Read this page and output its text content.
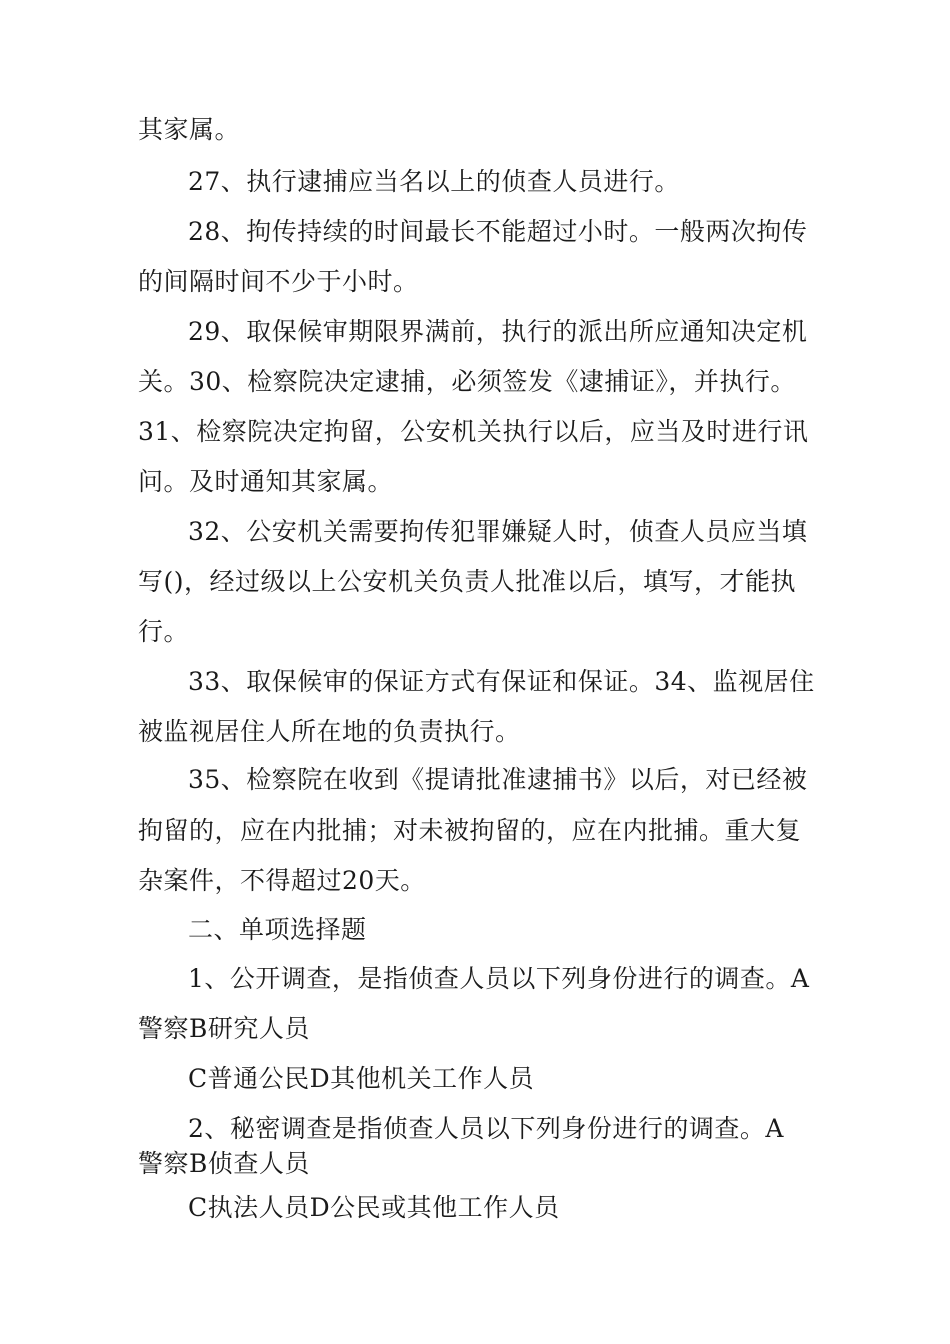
其家属。
27、执行逮捕应当名以上的侦查人员进行。
28、拘传持续的时间最长不能超过小时。一般两次拘传
的间隔时间不少于小时。
29、取保候审期限界满前，执行的派出所应通知决定机
关。30、检察院决定逮捕，必须签发《逮捕证》，并执行。
31、检察院决定拘留，公安机关执行以后，应当及时进行讯
问。及时通知其家属。
32、公安机关需要拘传犯罪嫌疑人时，侦查人员应当填
写()，经过级以上公安机关负责人批准以后，填写，才能执
行。
33、取保候审的保证方式有保证和保证。34、监视居住
被监视居住人所在地的负责执行。
35、检察院在收到《提请批准逮捕书》以后，对已经被
拘留的，应在内批捕；对未被拘留的，应在内批捕。重大复
杂案件，不得超过20天。
二、单项选择题
1、公开调查，是指侦查人员以下列身份进行的调查。A
警察B研究人员
C普通公民D其他机关工作人员
2、秘密调查是指侦查人员以下列身份进行的调查。A
警察B侦查人员
C执法人员D公民或其他工作人员
